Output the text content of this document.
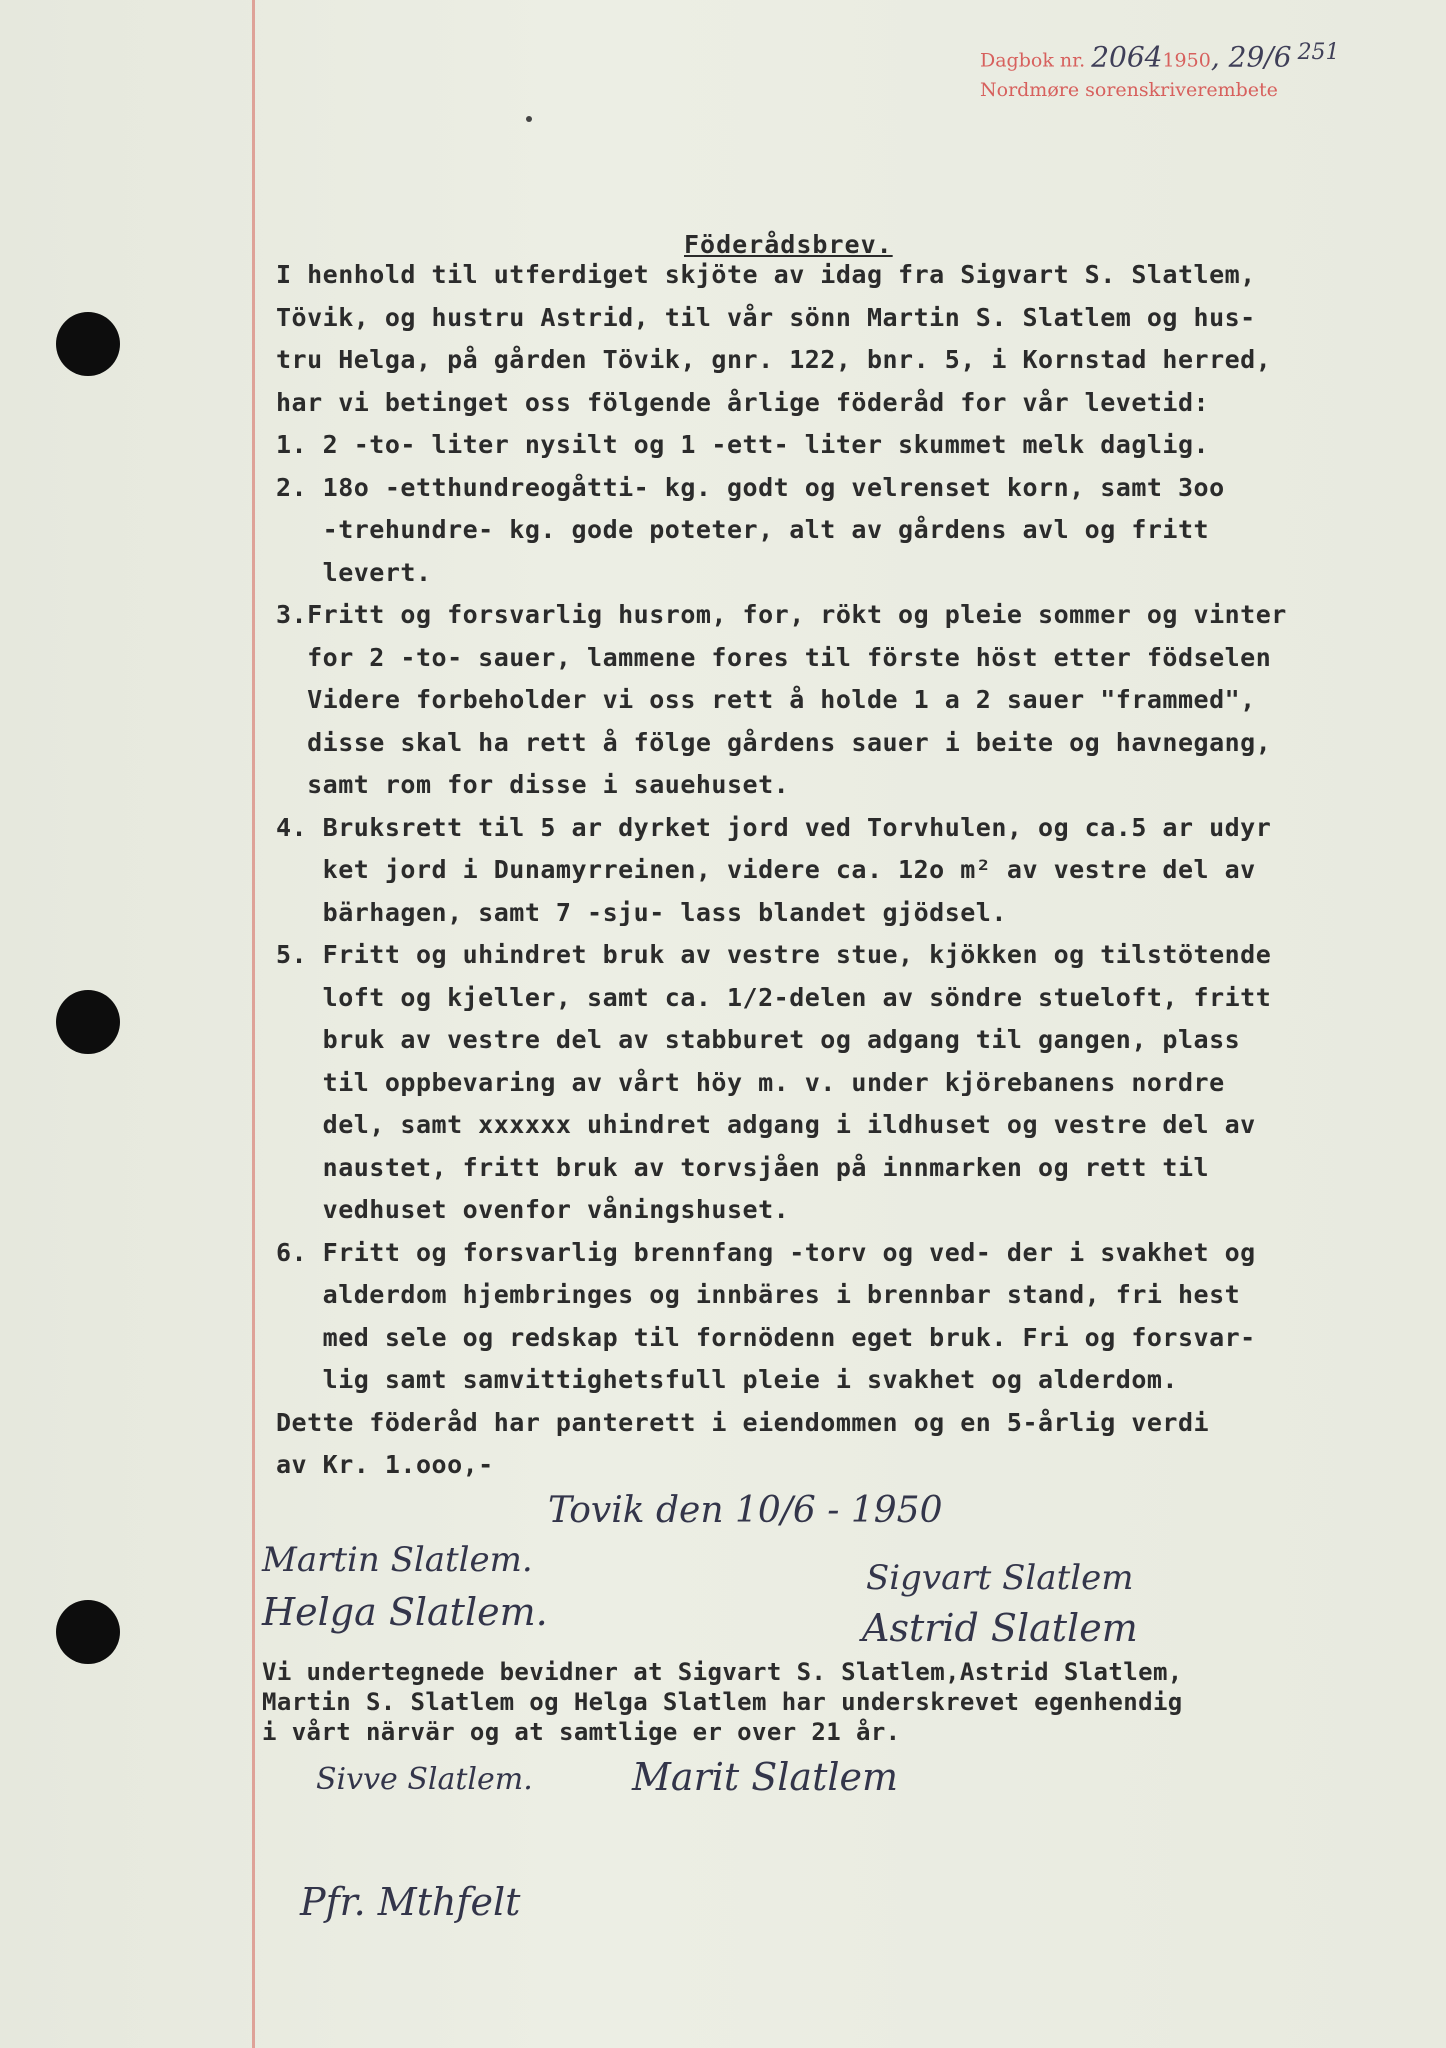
Dagbok nr. 20641950, 29/6 251
Nordmøre sorenskriverembete
Föderådsbrev.
I henhold til utferdiget skjöte av idag fra Sigvart S. Slatlem,
Tövik, og hustru Astrid, til vår sönn Martin S. Slatlem og hus-
tru Helga, på gården Tövik, gnr. 122, bnr. 5, i Kornstad herred,
har vi betinget oss fölgende årlige föderåd for vår levetid:
1. 2 -to- liter nysilt og 1 -ett- liter skummet melk daglig.
2. 18o -etthundreogåtti- kg. godt og velrenset korn, samt 3oo
-trehundre- kg. gode poteter, alt av gårdens avl og fritt
levert.
3.Fritt og forsvarlig husrom, for, rökt og pleie sommer og vinter
for 2 -to- sauer, lammene fores til förste höst etter födselen
Videre forbeholder vi oss rett å holde 1 a 2 sauer "frammed",
disse skal ha rett å fölge gårdens sauer i beite og havnegang,
samt rom for disse i sauehuset.
4. Bruksrett til 5 ar dyrket jord ved Torvhulen, og ca.5 ar udyr
ket jord i Dunamyrreinen, videre ca. 12o m² av vestre del av
bärhagen, samt 7 -sju- lass blandet gjödsel.
5. Fritt og uhindret bruk av vestre stue, kjökken og tilstötende
loft og kjeller, samt ca. 1/2-delen av söndre stueloft, fritt
bruk av vestre del av stabburet og adgang til gangen, plass
til oppbevaring av vårt höy m. v. under kjörebanens nordre
del, samt xxxxxx uhindret adgang i ildhuset og vestre del av
naustet, fritt bruk av torvsjåen på innmarken og rett til
vedhuset ovenfor våningshuset.
6. Fritt og forsvarlig brennfang -torv og ved- der i svakhet og
alderdom hjembringes og innbäres i brennbar stand, fri hest
med sele og redskap til fornödenn eget bruk. Fri og forsvar-
lig samt samvittighetsfull pleie i svakhet og alderdom.
Dette föderåd har panterett i eiendommen og en 5-årlig verdi
av Kr. 1.ooo,-
Tovik den 10/6 - 1950
Martin Slatlem.
Helga Slatlem.
Sigvart Slatlem
Astrid Slatlem
Vi undertegnede bevidner at Sigvart S. Slatlem,Astrid Slatlem,
Martin S. Slatlem og Helga Slatlem har underskrevet egenhendig
i vårt närvär og at samtlige er over 21 år.
Sivve Slatlem.	Marit Slatlem
Pfr. Mthfelt
